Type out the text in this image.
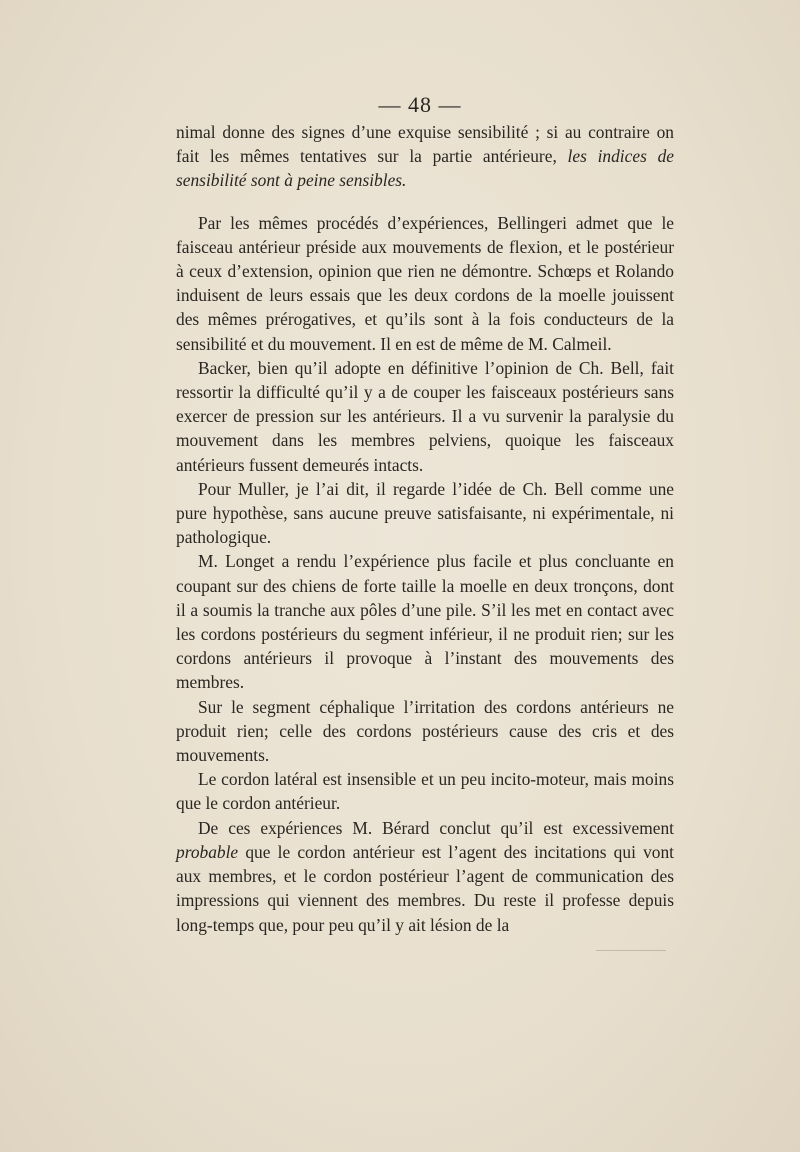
— 48 —

nimal donne des signes d’une exquise sensibilité ; si au contraire on fait les mêmes tentatives sur la partie antérieure, les indices de sensibilité sont à peine sensibles.

Par les mêmes procédés d’expériences, Bellingeri admet que le faisceau antérieur préside aux mouvements de flexion, et le postérieur à ceux d’extension, opinion que rien ne démontre. Schœps et Rolando induisent de leurs essais que les deux cordons de la moelle jouissent des mêmes prérogatives, et qu’ils sont à la fois conducteurs de la sensibilité et du mouvement. Il en est de même de M. Calmeil.

Backer, bien qu’il adopte en définitive l’opinion de Ch. Bell, fait ressortir la difficulté qu’il y a de couper les faisceaux postérieurs sans exercer de pression sur les antérieurs. Il a vu survenir la paralysie du mouvement dans les membres pelviens, quoique les faisceaux antérieurs fussent demeurés intacts.

Pour Muller, je l’ai dit, il regarde l’idée de Ch. Bell comme une pure hypothèse, sans aucune preuve satisfaisante, ni expérimentale, ni pathologique.

M. Longet a rendu l’expérience plus facile et plus concluante en coupant sur des chiens de forte taille la moelle en deux tronçons, dont il a soumis la tranche aux pôles d’une pile. S’il les met en contact avec les cordons postérieurs du segment inférieur, il ne produit rien; sur les cordons antérieurs il provoque à l’instant des mouvements des membres.

Sur le segment céphalique l’irritation des cordons antérieurs ne produit rien; celle des cordons postérieurs cause des cris et des mouvements.

Le cordon latéral est insensible et un peu incito-moteur, mais moins que le cordon antérieur.

De ces expériences M. Bérard conclut qu’il est excessivement probable que le cordon antérieur est l’agent des incitations qui vont aux membres, et le cordon postérieur l’agent de communication des impressions qui viennent des membres. Du reste il professe depuis long-temps que, pour peu qu’il y ait lésion de la
